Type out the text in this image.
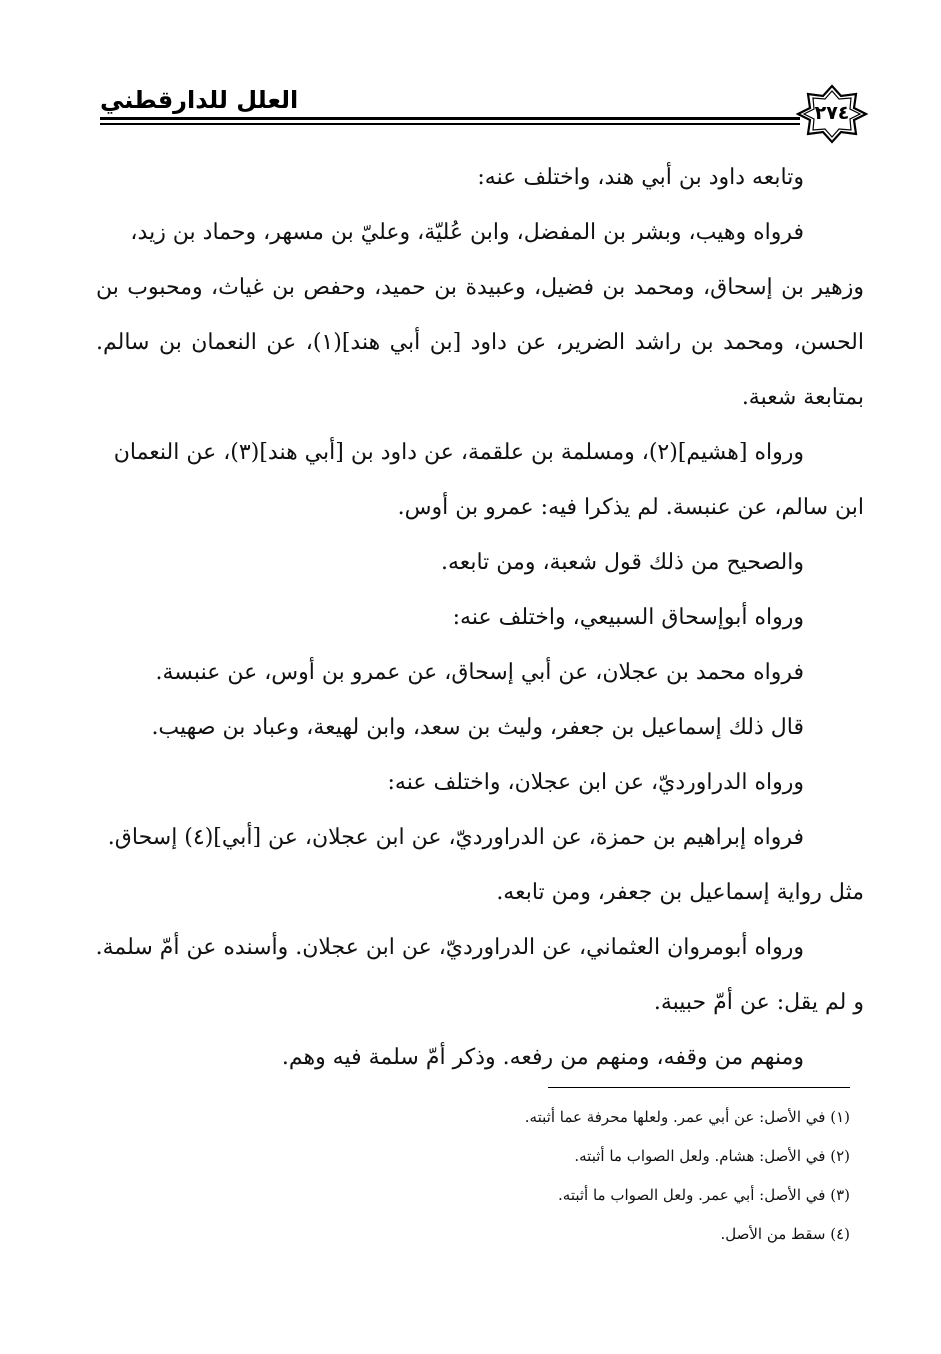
العلل للدارقطني	٢٧٤
وتابعه داود بن أبي هند، واختلف عنه:
فرواه وهيب، وبشر بن المفضل، وابن عُليّة، وعليّ بن مسهر، وحماد بن زيد،
وزهير بن إسحاق، ومحمد بن فضيل، وعبيدة بن حميد، وحفص بن غياث، ومحبوب بن
الحسن، ومحمد بن راشد الضرير، عن داود [بن أبي هند](١)، عن النعمان بن سالم.
بمتابعة شعبة.
ورواه [هشيم](٢)، ومسلمة بن علقمة، عن داود بن [أبي هند](٣)، عن النعمان
ابن سالم، عن عنبسة. لم يذكرا فيه: عمرو بن أوس.
والصحيح من ذلك قول شعبة، ومن تابعه.
ورواه أبوإسحاق السبيعي، واختلف عنه:
فرواه محمد بن عجلان، عن أبي إسحاق، عن عمرو بن أوس، عن عنبسة.
قال ذلك إسماعيل بن جعفر، وليث بن سعد، وابن لهيعة، وعباد بن صهيب.
ورواه الدراورديّ، عن ابن عجلان، واختلف عنه:
فرواه إبراهيم بن حمزة، عن الدراورديّ، عن ابن عجلان، عن [أبي](٤) إسحاق.
مثل رواية إسماعيل بن جعفر، ومن تابعه.
ورواه أبومروان العثماني، عن الدراورديّ، عن ابن عجلان. وأسنده عن أمّ سلمة.
و لم يقل: عن أمّ حبيبة.
ومنهم من وقفه، ومنهم من رفعه. وذكر أمّ سلمة فيه وهم.
(١) في الأصل: عن أبي عمر. ولعلها محرفة عما أثبته.
(٢) في الأصل: هشام. ولعل الصواب ما أثبته.
(٣) في الأصل: أبي عمر. ولعل الصواب ما أثبته.
(٤) سقط من الأصل.
